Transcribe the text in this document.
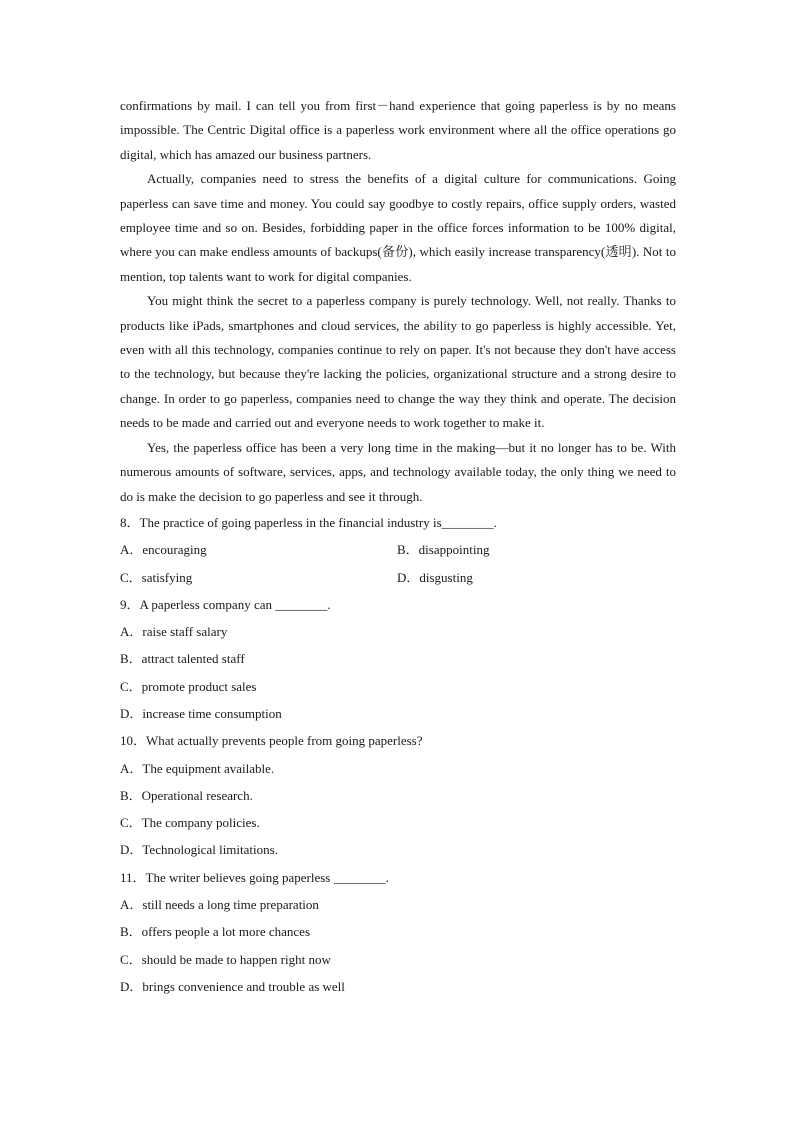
confirmations by mail. I can tell you from first－hand experience that going paperless is by no means impossible. The Centric Digital office is a paperless work environment where all the office operations go digital, which has amazed our business partners.

Actually, companies need to stress the benefits of a digital culture for communications. Going paperless can save time and money. You could say goodbye to costly repairs, office supply orders, wasted employee time and so on. Besides, forbidding paper in the office forces information to be 100% digital, where you can make endless amounts of backups(备份), which easily increase transparency(透明). Not to mention, top talents want to work for digital companies.

You might think the secret to a paperless company is purely technology. Well, not really. Thanks to products like iPads, smartphones and cloud services, the ability to go paperless is highly accessible. Yet, even with all this technology, companies continue to rely on paper. It's not because they don't have access to the technology, but because they're lacking the policies, organizational structure and a strong desire to change. In order to go paperless, companies need to change the way they think and operate. The decision needs to be made and carried out and everyone needs to work together to make it.

Yes, the paperless office has been a very long time in the making—but it no longer has to be. With numerous amounts of software, services, apps, and technology available today, the only thing we need to do is make the decision to go paperless and see it through.

8．The practice of going paperless in the financial industry is________.

A．encouraging	B．disappointing
C．satisfying	D．disgusting

9．A paperless company can ________.

A．raise staff salary
B．attract talented staff
C．promote product sales
D．increase time consumption

10．What actually prevents people from going paperless?

A．The equipment available.
B．Operational research.
C．The company policies.
D．Technological limitations.

11．The writer believes going paperless ________.

A．still needs a long time preparation
B．offers people a lot more chances
C．should be made to happen right now
D．brings convenience and trouble as well
